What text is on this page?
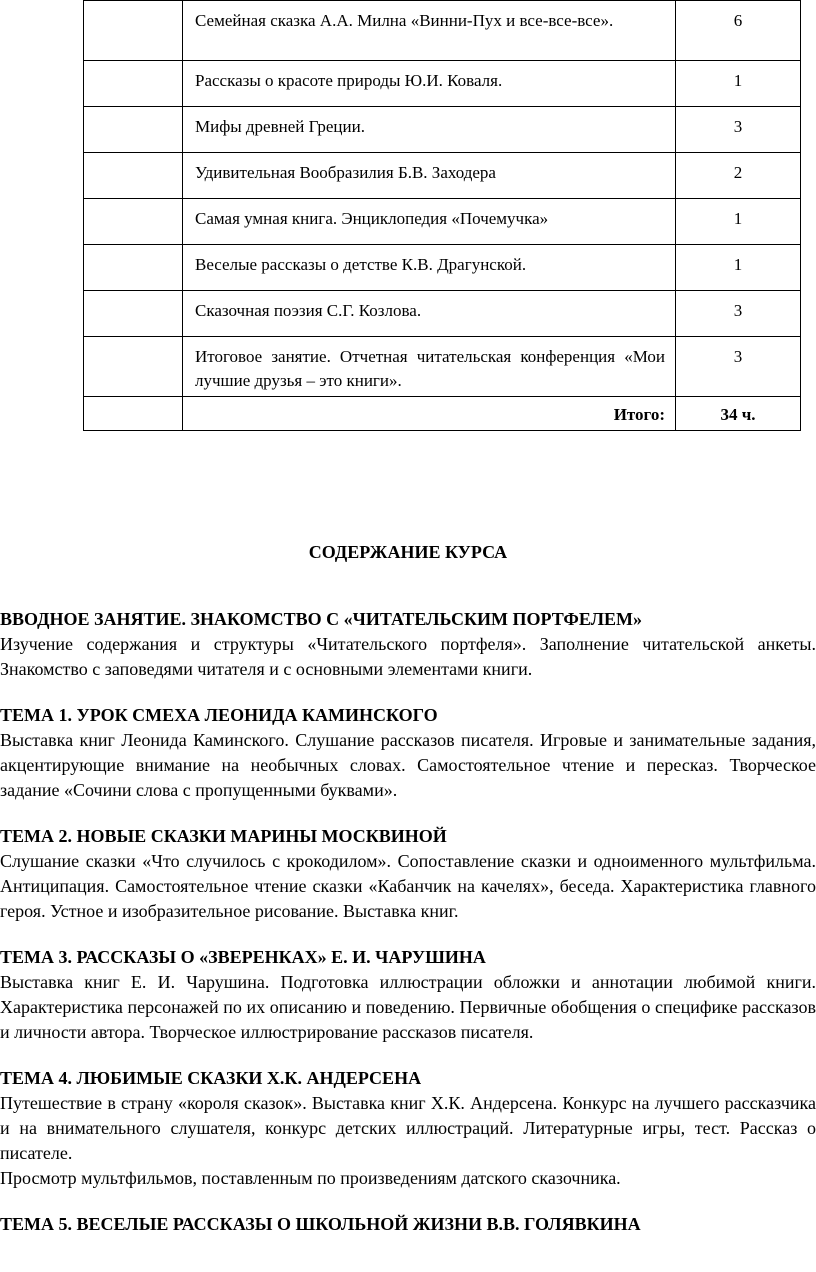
	Семейная сказка А.А. Милна «Винни-Пух и все-все-все».	6
	Рассказы о красоте природы Ю.И. Коваля.	1
	Мифы древней Греции.	3
	Удивительная Вообразилия Б.В. Заходера	2
	Самая умная книга. Энциклопедия «Почемучка»	1
	Веселые рассказы о детстве К.В. Драгунской.	1
	Сказочная поэзия С.Г. Козлова.	3
	Итоговое занятие. Отчетная читательская конференция «Мои лучшие друзья – это книги».	3
	Итого:	34 ч.
СОДЕРЖАНИЕ КУРСА
ВВОДНОЕ ЗАНЯТИЕ. ЗНАКОМСТВО С «ЧИТАТЕЛЬСКИМ ПОРТФЕЛЕМ»

Изучение содержания и структуры «Читательского портфеля». Заполнение читательской анкеты. Знакомство с заповедями читателя и с основными элементами книги.

ТЕМА 1. УРОК СМЕХА ЛЕОНИДА КАМИНСКОГО

Выставка книг Леонида Каминского. Слушание рассказов писателя. Игровые и занимательные задания, акцентирующие внимание на необычных словах. Самостоятельное чтение и пересказ. Творческое задание «Сочини слова с пропущенными буквами».

ТЕМА 2. НОВЫЕ СКАЗКИ МАРИНЫ МОСКВИНОЙ

Слушание сказки «Что случилось с крокодилом». Сопоставление сказки и одноименного мультфильма. Антиципация. Самостоятельное чтение сказки «Кабанчик на качелях», беседа. Характеристика главного героя. Устное и изобразительное рисование. Выставка книг.

ТЕМА 3. РАССКАЗЫ О «ЗВЕРЕНКАХ» Е. И. ЧАРУШИНА

Выставка книг Е. И. Чарушина. Подготовка иллюстрации обложки и аннотации любимой книги. Характеристика персонажей по их описанию и поведению. Первичные обобщения о специфике рассказов и личности автора. Творческое иллюстрирование рассказов писателя.

ТЕМА 4. ЛЮБИМЫЕ СКАЗКИ Х.К. АНДЕРСЕНА

Путешествие в страну «короля сказок». Выставка книг Х.К. Андерсена. Конкурс на лучшего рассказчика и на внимательного слушателя, конкурс детских иллюстраций. Литературные игры, тест. Рассказ о писателе.

Просмотр мультфильмов, поставленным по произведениям датского сказочника.

ТЕМА 5. ВЕСЕЛЫЕ РАССКАЗЫ О ШКОЛЬНОЙ ЖИЗНИ В.В. ГОЛЯВКИНА
